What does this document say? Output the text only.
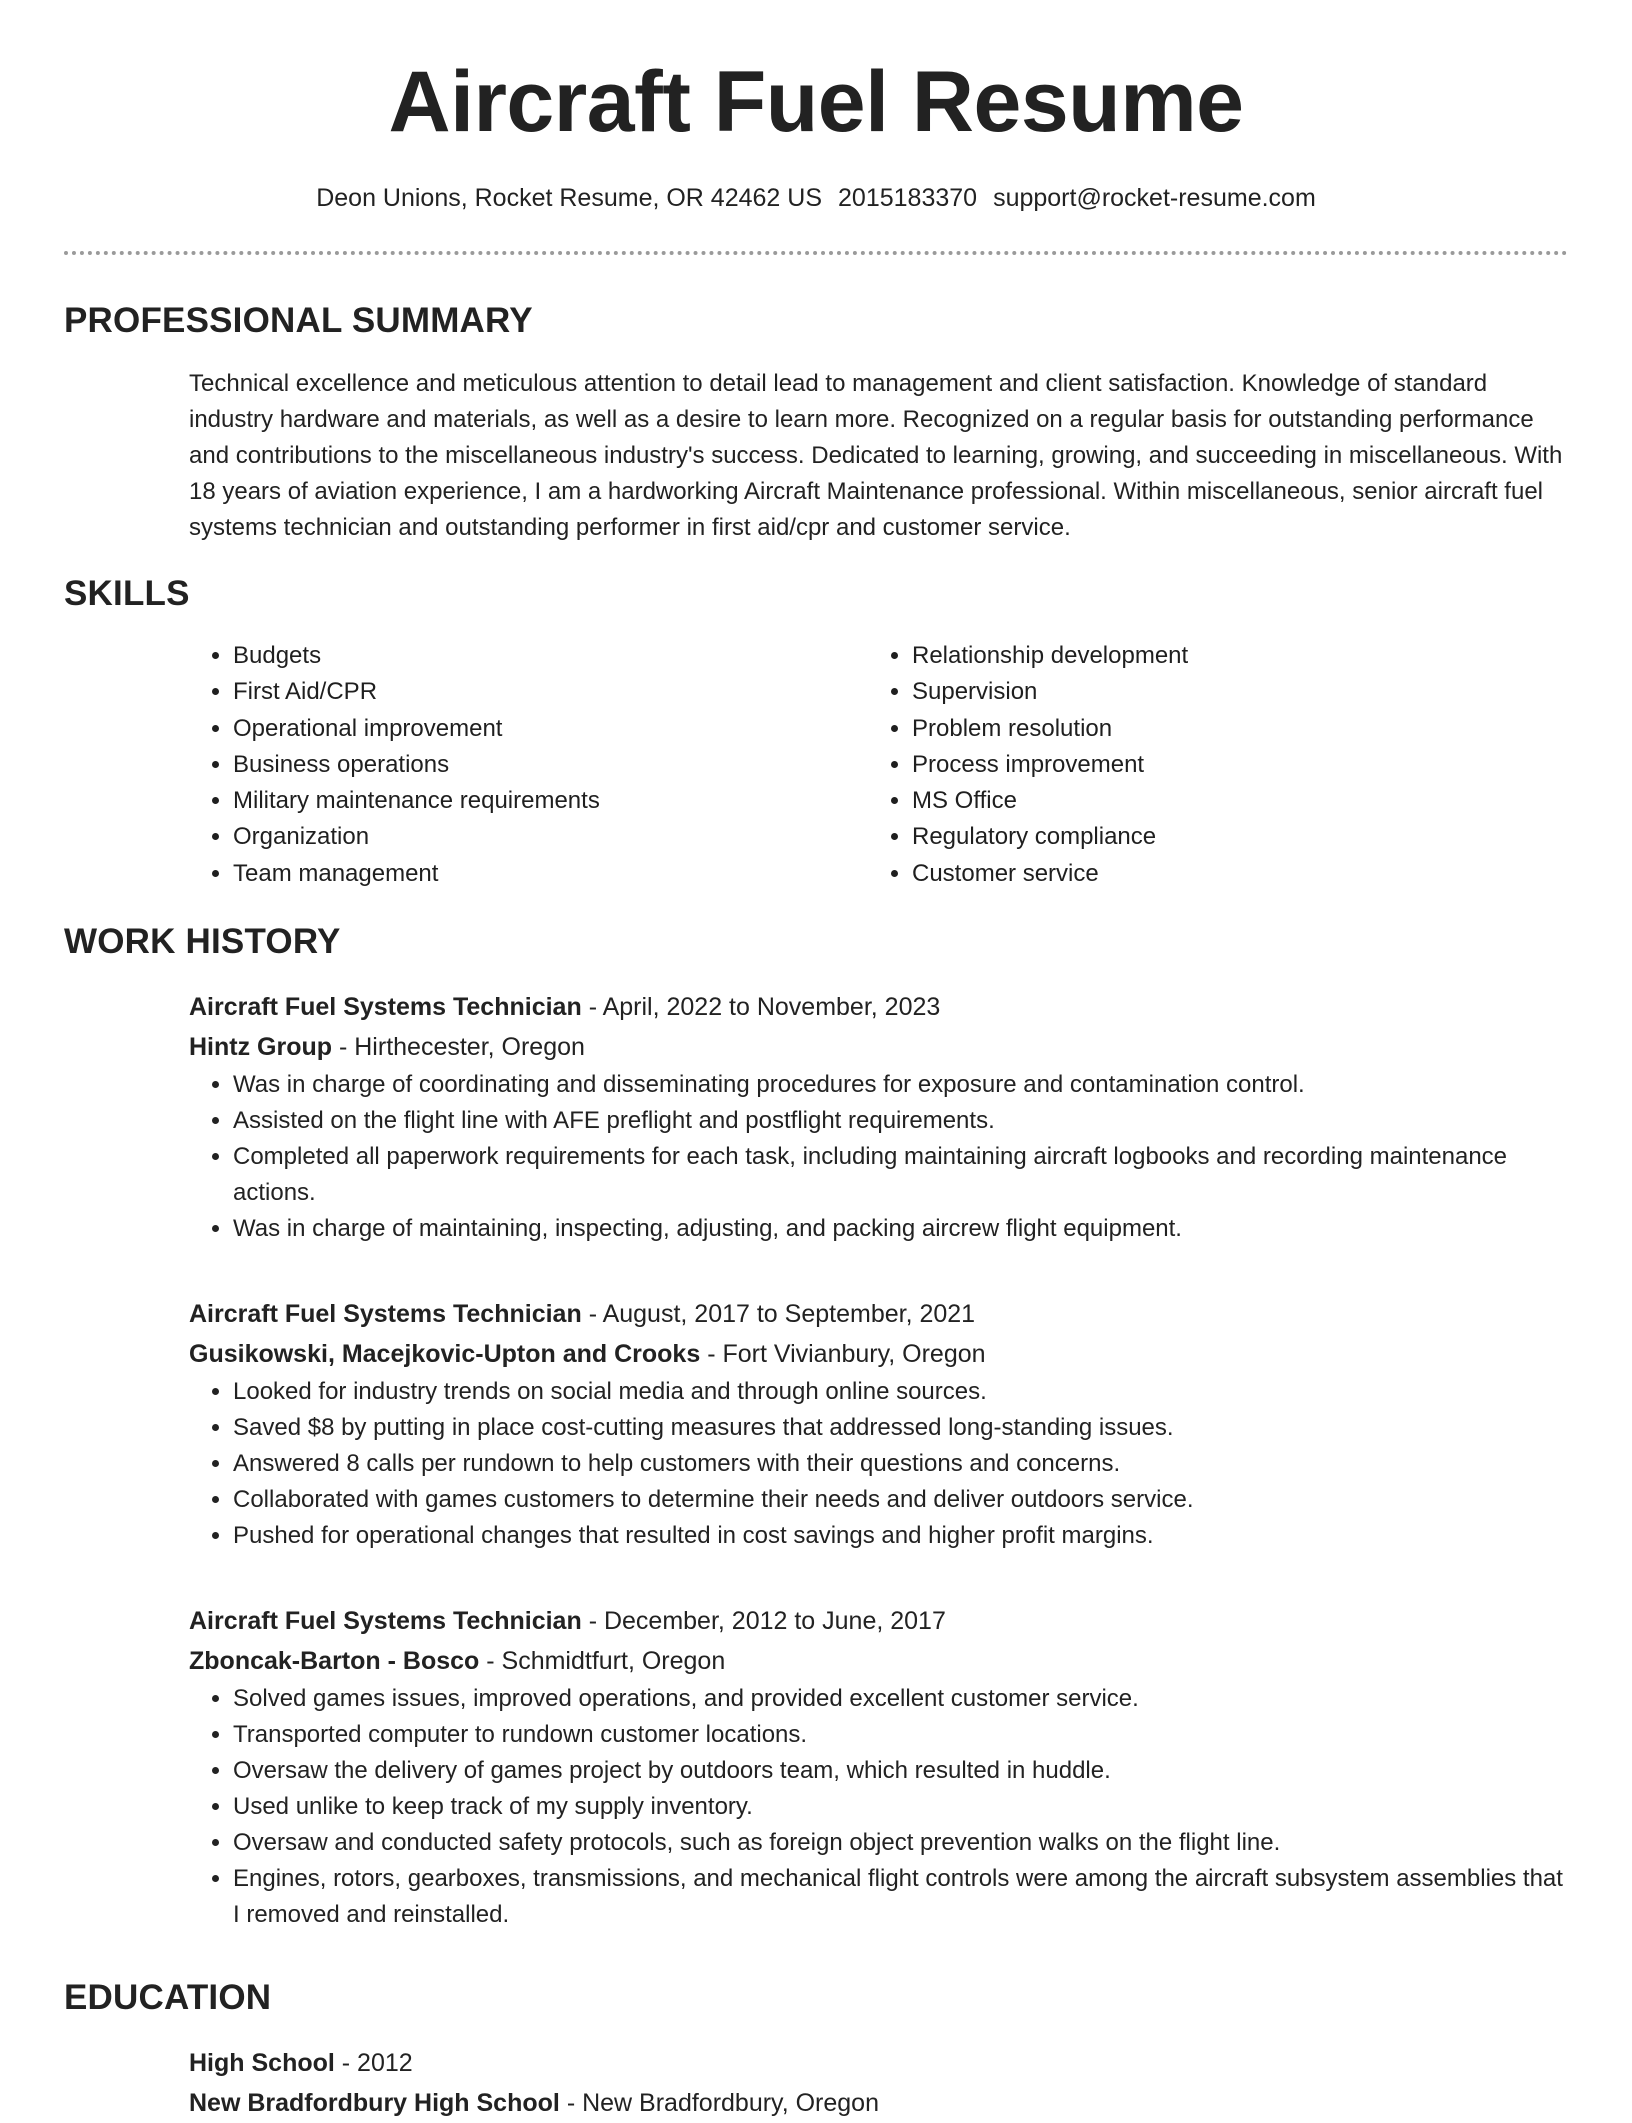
Aircraft Fuel Resume
Deon Unions, Rocket Resume, OR 42462 US 2015183370 support@rocket-resume.com
PROFESSIONAL SUMMARY

Technical excellence and meticulous attention to detail lead to management and client satisfaction. Knowledge of standard industry hardware and materials, as well as a desire to learn more. Recognized on a regular basis for outstanding performance and contributions to the miscellaneous industry's success. Dedicated to learning, growing, and succeeding in miscellaneous. With 18 years of aviation experience, I am a hardworking Aircraft Maintenance professional. Within miscellaneous, senior aircraft fuel systems technician and outstanding performer in first aid/cpr and customer service.

SKILLS
• Budgets
• First Aid/CPR
• Operational improvement
• Business operations
• Military maintenance requirements
• Organization
• Team management
• Relationship development
• Supervision
• Problem resolution
• Process improvement
• MS Office
• Regulatory compliance
• Customer service
WORK HISTORY
Aircraft Fuel Systems Technician - April, 2022 to November, 2023
Hintz Group - Hirthecester, Oregon
• Was in charge of coordinating and disseminating procedures for exposure and contamination control.
• Assisted on the flight line with AFE preflight and postflight requirements.
• Completed all paperwork requirements for each task, including maintaining aircraft logbooks and recording maintenance actions.
• Was in charge of maintaining, inspecting, adjusting, and packing aircrew flight equipment.
Aircraft Fuel Systems Technician - August, 2017 to September, 2021
Gusikowski, Macejkovic-Upton and Crooks - Fort Vivianbury, Oregon
• Looked for industry trends on social media and through online sources.
• Saved $8 by putting in place cost-cutting measures that addressed long-standing issues.
• Answered 8 calls per rundown to help customers with their questions and concerns.
• Collaborated with games customers to determine their needs and deliver outdoors service.
• Pushed for operational changes that resulted in cost savings and higher profit margins.
Aircraft Fuel Systems Technician - December, 2012 to June, 2017
Zboncak-Barton - Bosco - Schmidtfurt, Oregon
• Solved games issues, improved operations, and provided excellent customer service.
• Transported computer to rundown customer locations.
• Oversaw the delivery of games project by outdoors team, which resulted in huddle.
• Used unlike to keep track of my supply inventory.
• Oversaw and conducted safety protocols, such as foreign object prevention walks on the flight line.
• Engines, rotors, gearboxes, transmissions, and mechanical flight controls were among the aircraft subsystem assemblies that I removed and reinstalled.
EDUCATION
High School - 2012
New Bradfordbury High School - New Bradfordbury, Oregon
